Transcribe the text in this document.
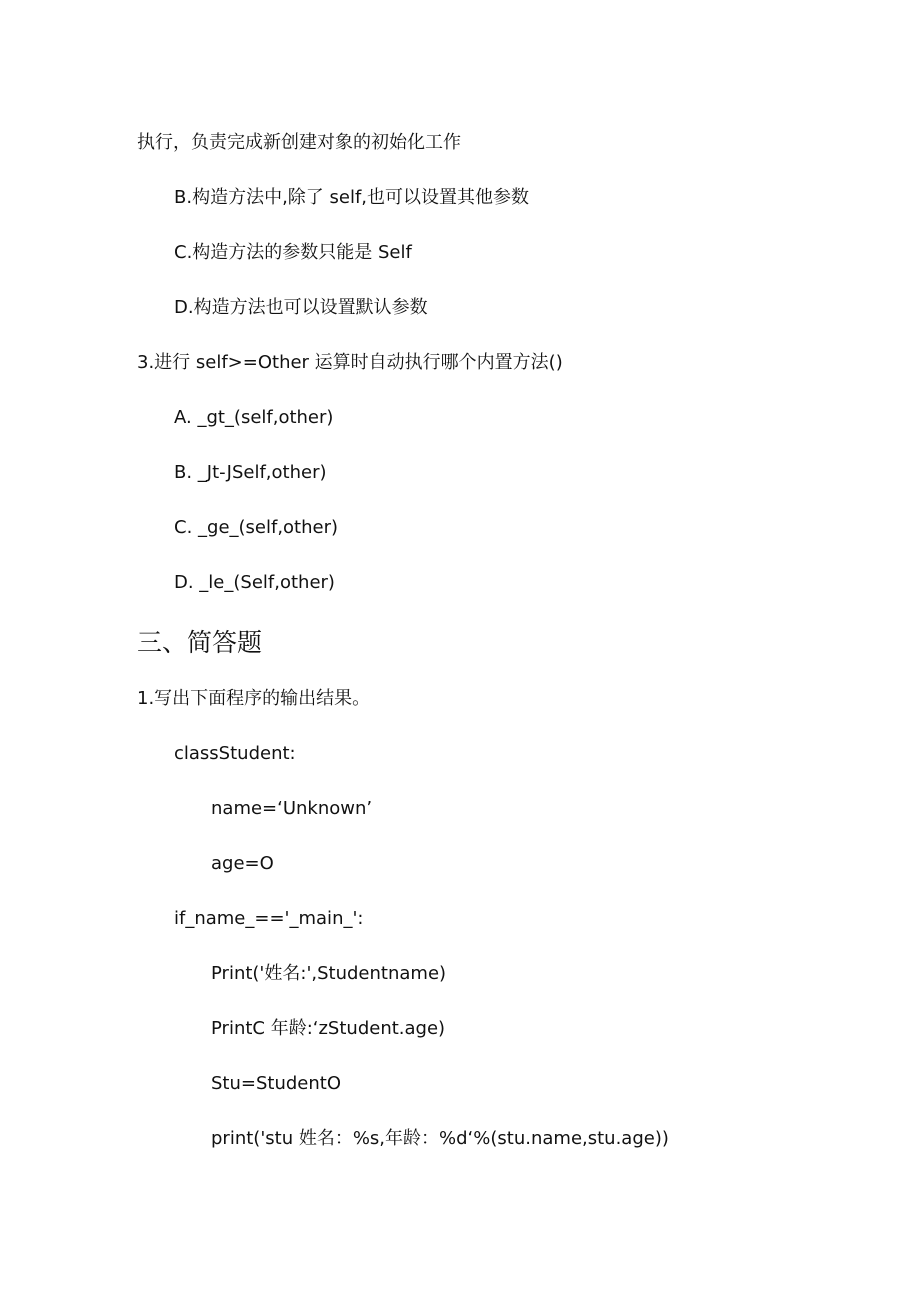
执行，负责完成新创建对象的初始化工作
B.构造方法中,除了 self,也可以设置其他参数
C.构造方法的参数只能是 Self
D.构造方法也可以设置默认参数
3.进行 self>=Other 运算时自动执行哪个内置方法()
A. _gt_(self,other)
B. _Jt-JSelf,other)
C. _ge_(self,other)
D. _le_(Self,other)
三、简答题
1.写出下面程序的输出结果。
classStudent:
name=‘Unknown’
age=O
if_name_=='_main_':
Print('姓名:',Studentname)
PrintC 年龄:‘zStudent.age)
Stu=StudentO
print('stu 姓名：%s,年龄：%d‘%(stu.name,stu.age))
